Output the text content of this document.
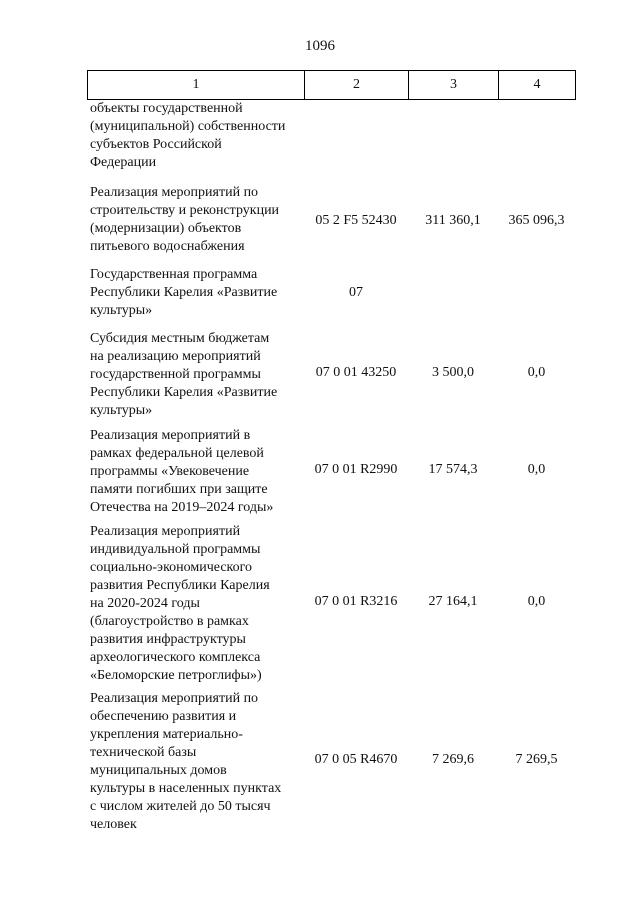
1096
1	2	3	4
объекты государственной
(муниципальной) собственности
субъектов Российской
Федерации
Реализация мероприятий по
строительству и реконструкции
(модернизации) объектов
питьевого водоснабжения
05 2 F5 52430	311 360,1	365 096,3
Государственная программа
Республики Карелия «Развитие
культуры»
07
Субсидия местным бюджетам
на реализацию мероприятий
государственной программы
Республики Карелия «Развитие
культуры»
07 0 01 43250	3 500,0	0,0
Реализация мероприятий в
рамках федеральной целевой
программы «Увековечение
памяти погибших при защите
Отечества на 2019–2024 годы»
07 0 01 R2990	17 574,3	0,0
Реализация мероприятий
индивидуальной программы
социально-экономического
развития Республики Карелия
на 2020-2024 годы
(благоустройство в рамках
развития инфраструктуры
археологического комплекса
«Беломорские петроглифы»)
07 0 01 R3216	27 164,1	0,0
Реализация мероприятий по
обеспечению развития и
укрепления материально-
технической базы
муниципальных домов
культуры в населенных пунктах
с числом жителей до 50 тысяч
человек
07 0 05 R4670	7 269,6	7 269,5
